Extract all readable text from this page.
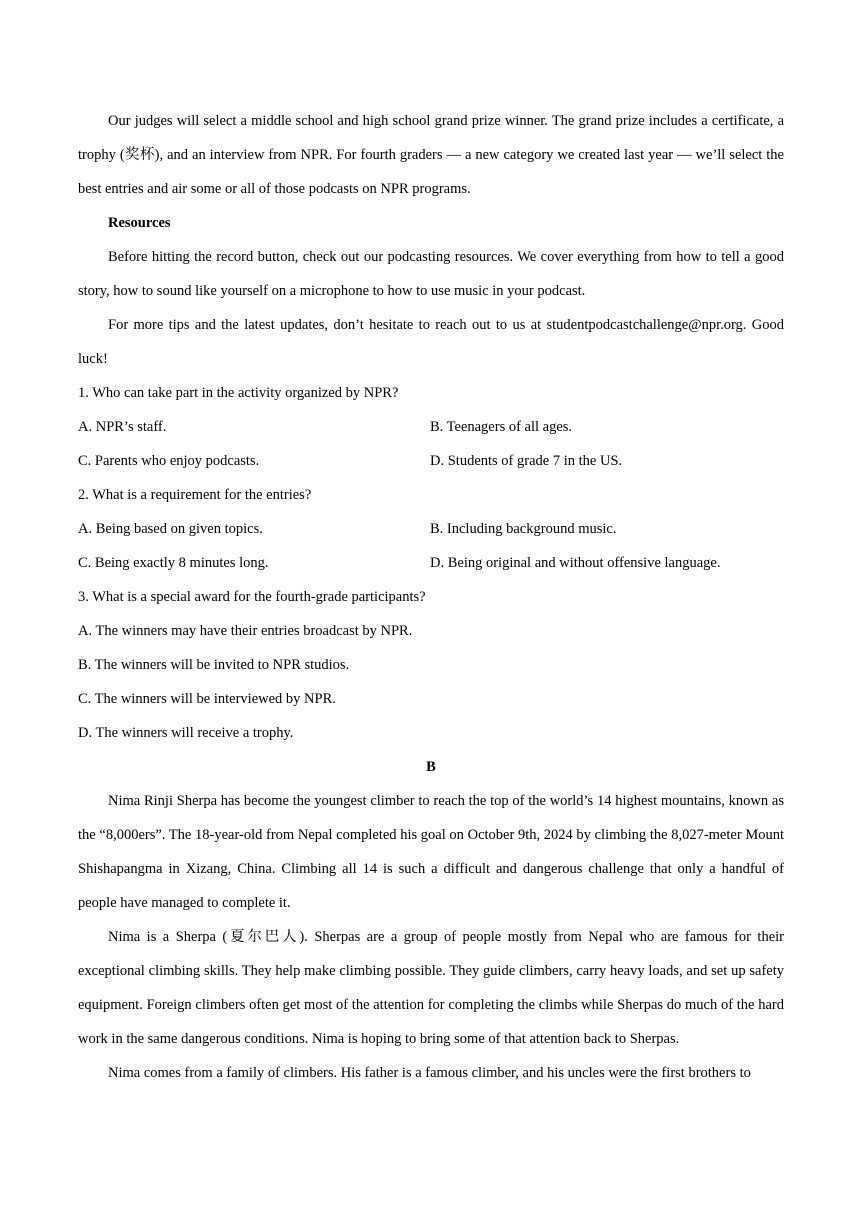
Our judges will select a middle school and high school grand prize winner. The grand prize includes a certificate, a trophy (奖杯), and an interview from NPR. For fourth graders — a new category we created last year — we’ll select the best entries and air some or all of those podcasts on NPR programs.

Resources

Before hitting the record button, check out our podcasting resources. We cover everything from how to tell a good story, how to sound like yourself on a microphone to how to use music in your podcast.

For more tips and the latest updates, don’t hesitate to reach out to us at studentpodcastchallenge@npr.org. Good luck!

1. Who can take part in the activity organized by NPR?

A. NPR’s staff.	B. Teenagers of all ages.
C. Parents who enjoy podcasts.	D. Students of grade 7 in the US.

2. What is a requirement for the entries?

A. Being based on given topics.	B. Including background music.
C. Being exactly 8 minutes long.	D. Being original and without offensive language.

3. What is a special award for the fourth-grade participants?

A. The winners may have their entries broadcast by NPR.

B. The winners will be invited to NPR studios.

C. The winners will be interviewed by NPR.

D. The winners will receive a trophy.

B

Nima Rinji Sherpa has become the youngest climber to reach the top of the world’s 14 highest mountains, known as the “8,000ers”. The 18-year-old from Nepal completed his goal on October 9th, 2024 by climbing the 8,027-meter Mount Shishapangma in Xizang, China. Climbing all 14 is such a difficult and dangerous challenge that only a handful of people have managed to complete it.

Nima is a Sherpa (夏尔巴人). Sherpas are a group of people mostly from Nepal who are famous for their exceptional climbing skills. They help make climbing possible. They guide climbers, carry heavy loads, and set up safety equipment. Foreign climbers often get most of the attention for completing the climbs while Sherpas do much of the hard work in the same dangerous conditions. Nima is hoping to bring some of that attention back to Sherpas.

Nima comes from a family of climbers. His father is a famous climber, and his uncles were the first brothers to
